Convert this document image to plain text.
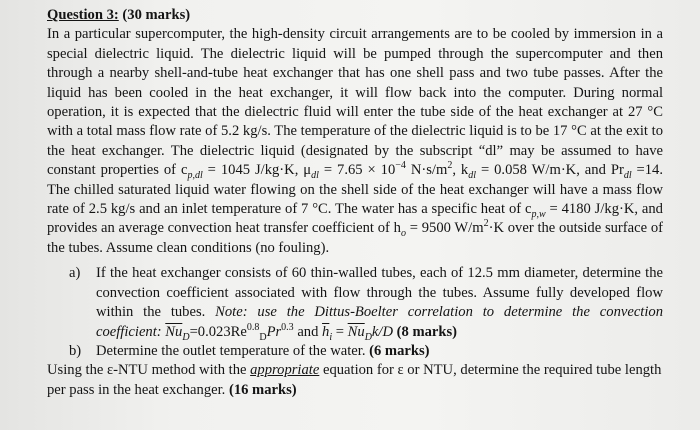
Question 3: (30 marks)

In a particular supercomputer, the high-density circuit arrangements are to be cooled by immersion in a special dielectric liquid. The dielectric liquid will be pumped through the supercomputer and then through a nearby shell-and-tube heat exchanger that has one shell pass and two tube passes. After the liquid has been cooled in the heat exchanger, it will flow back into the computer. During normal operation, it is expected that the dielectric fluid will enter the tube side of the heat exchanger at 27 °C with a total mass flow rate of 5.2 kg/s. The temperature of the dielectric liquid is to be 17 °C at the exit to the heat exchanger. The dielectric liquid (designated by the subscript “dl” may be assumed to have constant properties of $c_{p,dl} = 1045$ J/kg·K, $\mu_{dl} = 7.65 \times 10^{-4}$ $N\cdot s/m^2$, $k_{dl} = 0.058$ W/m·K, and $Pr_{dl} =14$. The chilled saturated liquid water flowing on the shell side of the heat exchanger will have a mass flow rate of 2.5 kg/s and an inlet temperature of 7 °C. The water has a specific heat of $c_{p,w} = 4180$ J/kg·K, and provides an average convection heat transfer coefficient of $h_o = 9500$ $W/m^2\cdot K$ over the outside surface of the tubes. Assume clean conditions (no fouling).

a)	If the heat exchanger consists of 60 thin-walled tubes, each of 12.5 mm diameter, determine the convection coefficient associated with flow through the tubes. Assume fully developed flow within the tubes. Note: use the Dittus-Boelter correlation to determine the convection coefficient: $\overline{Nu}_D=0.023Re^{0.8}_DPr^{0.3}$ and $\overline{h}_i = \overline{Nu}_Dk/D$ (8 marks)
b)	Determine the outlet temperature of the water. (6 marks)

Using the ε-NTU method with the appropriate equation for ε or NTU, determine the required tube length per pass in the heat exchanger. (16 marks)
